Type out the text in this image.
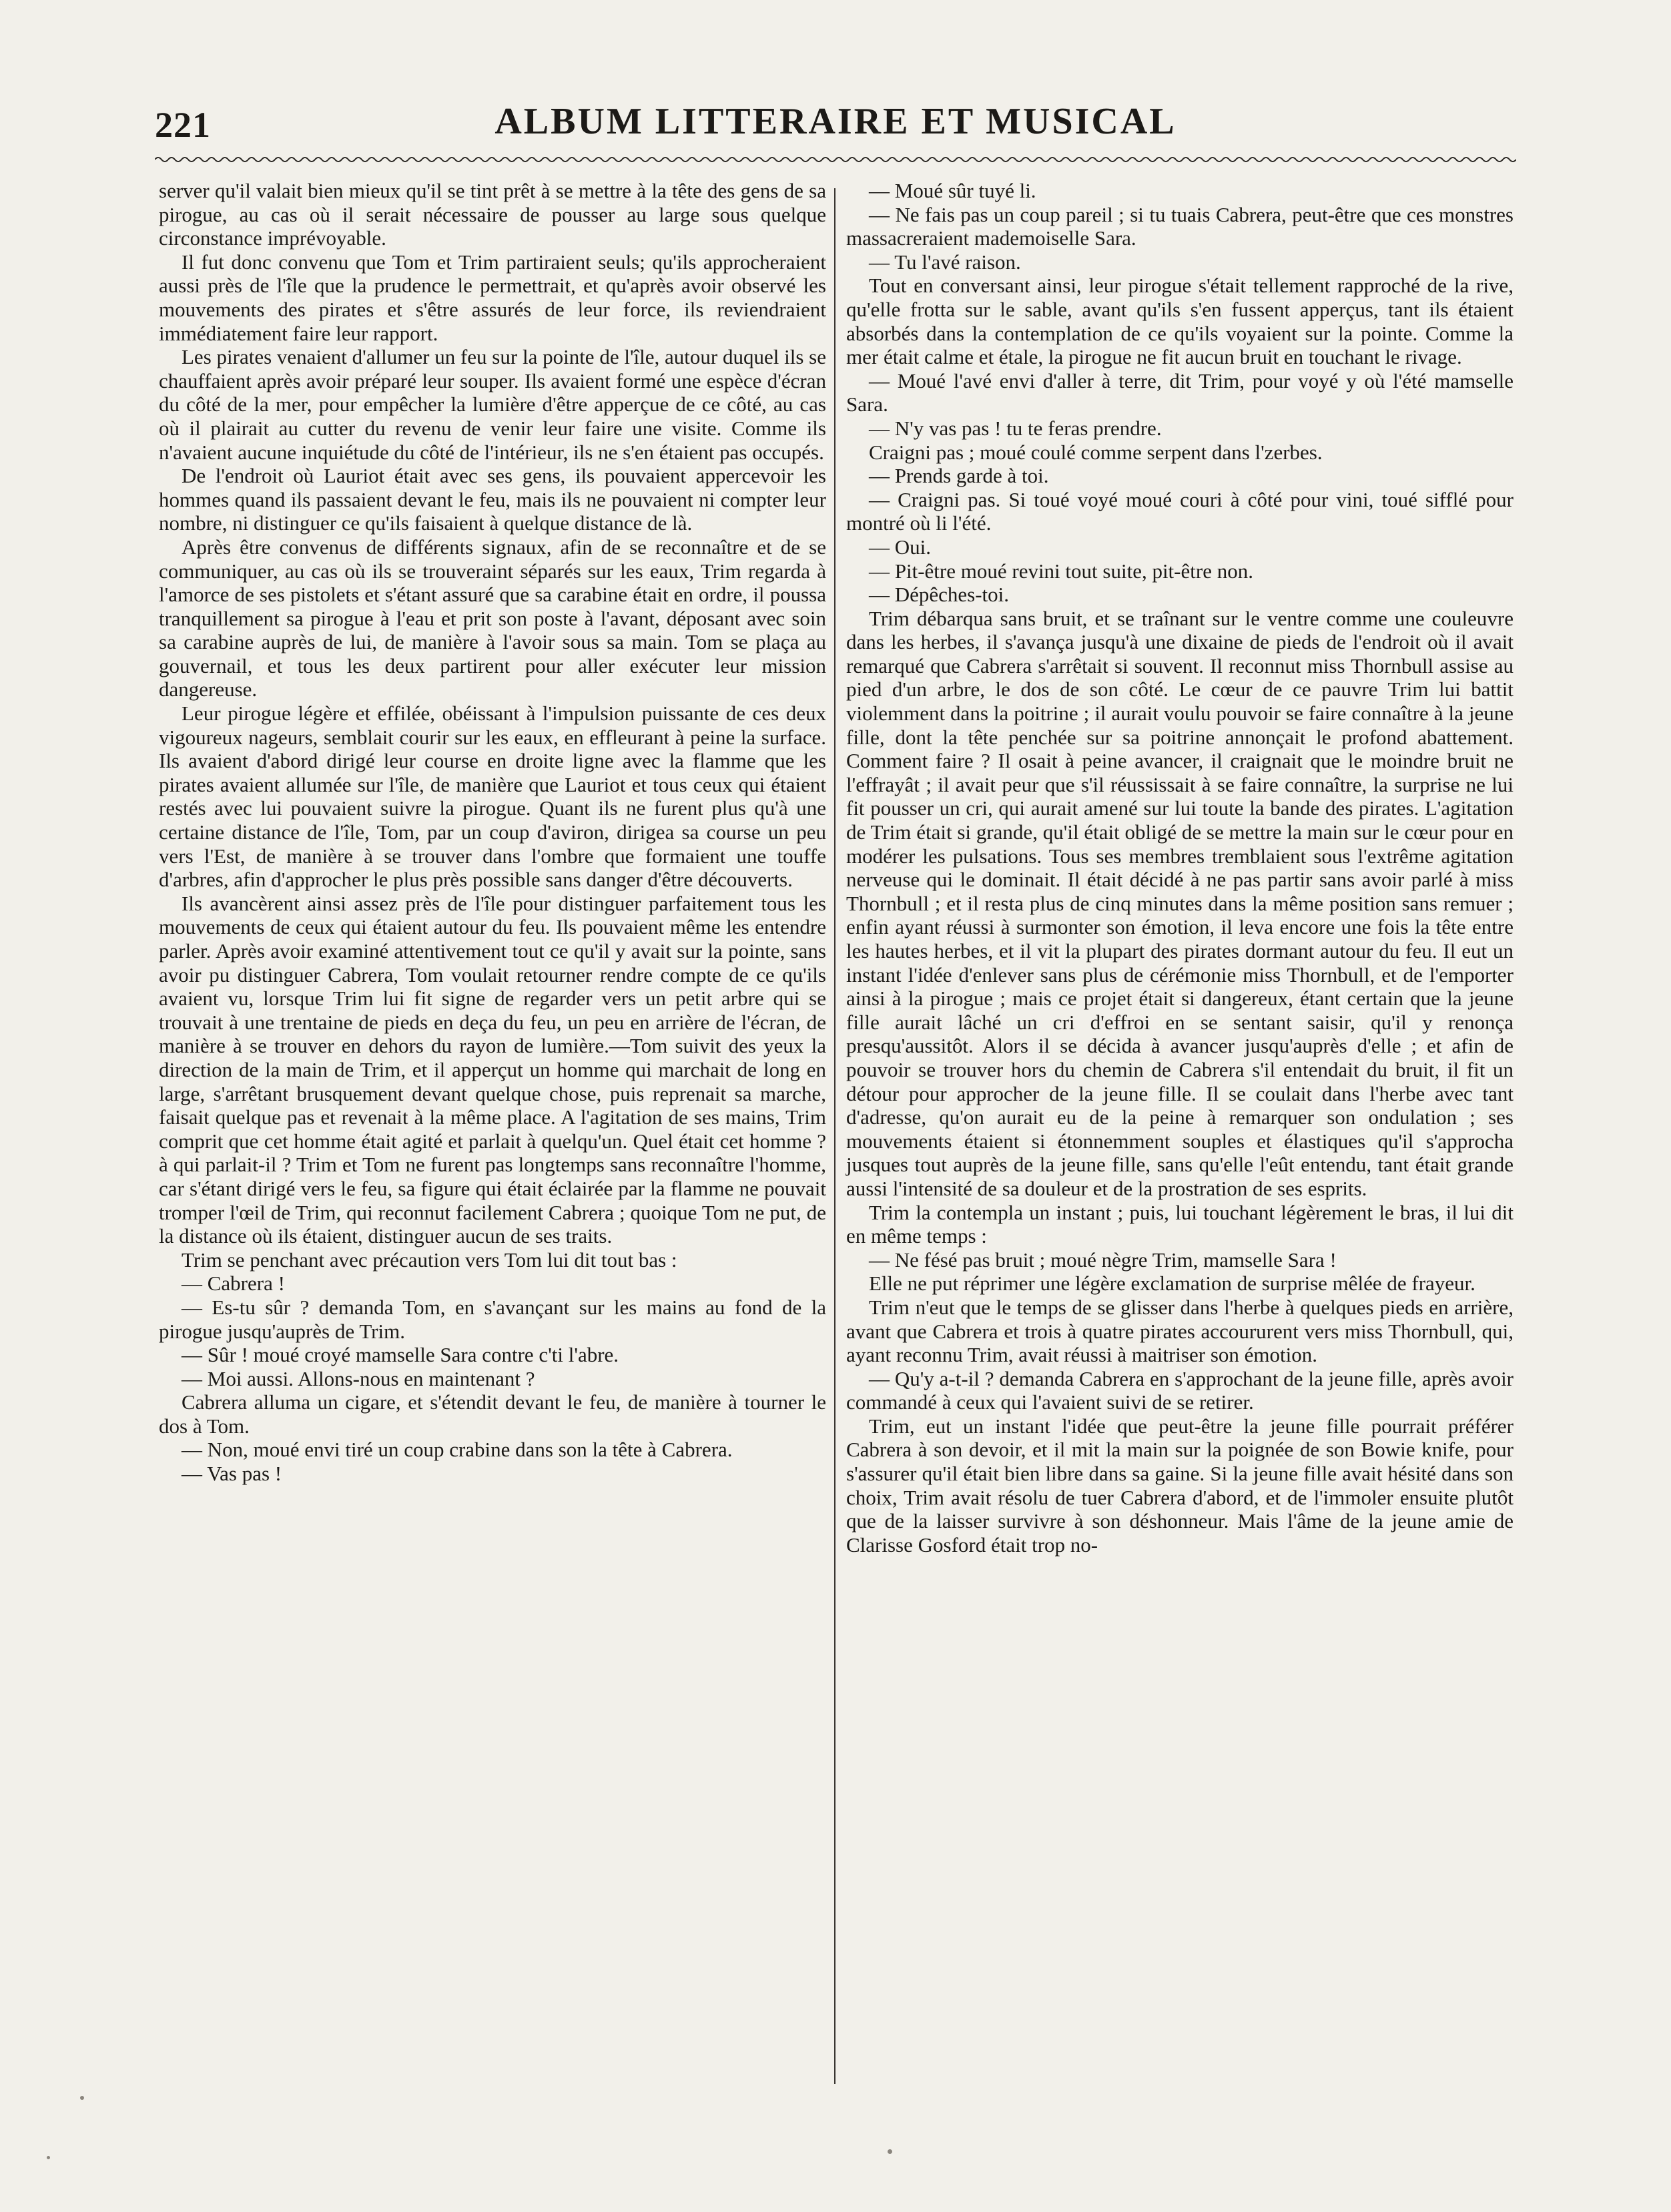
221	ALBUM LITTERAIRE ET MUSICAL

server qu'il valait bien mieux qu'il se tint prêt à se mettre à la tête des gens de sa pirogue, au cas où il serait nécessaire de pousser au large sous quelque circonstance imprévoyable.

Il fut donc convenu que Tom et Trim partiraient seuls; qu'ils approcheraient aussi près de l'île que la prudence le permettrait, et qu'après avoir observé les mouvements des pirates et s'être assurés de leur force, ils reviendraient immédiatement faire leur rapport.

Les pirates venaient d'allumer un feu sur la pointe de l'île, autour duquel ils se chauffaient après avoir préparé leur souper. Ils avaient formé une espèce d'écran du côté de la mer, pour empêcher la lumière d'être apperçue de ce côté, au cas où il plairait au cutter du revenu de venir leur faire une visite. Comme ils n'avaient aucune inquiétude du côté de l'intérieur, ils ne s'en étaient pas occupés.

De l'endroit où Lauriot était avec ses gens, ils pouvaient appercevoir les hommes quand ils passaient devant le feu, mais ils ne pouvaient ni compter leur nombre, ni distinguer ce qu'ils faisaient à quelque distance de là.

Après être convenus de différents signaux, afin de se reconnaître et de se communiquer, au cas où ils se trouveraint séparés sur les eaux, Trim regarda à l'amorce de ses pistolets et s'étant assuré que sa carabine était en ordre, il poussa tranquillement sa pirogue à l'eau et prit son poste à l'avant, déposant avec soin sa carabine auprès de lui, de manière à l'avoir sous sa main. Tom se plaça au gouvernail, et tous les deux partirent pour aller exécuter leur mission dangereuse.

Leur pirogue légère et effilée, obéissant à l'impulsion puissante de ces deux vigoureux nageurs, semblait courir sur les eaux, en effleurant à peine la surface. Ils avaient d'abord dirigé leur course en droite ligne avec la flamme que les pirates avaient allumée sur l'île, de manière que Lauriot et tous ceux qui étaient restés avec lui pouvaient suivre la pirogue. Quant ils ne furent plus qu'à une certaine distance de l'île, Tom, par un coup d'aviron, dirigea sa course un peu vers l'Est, de manière à se trouver dans l'ombre que formaient une touffe d'arbres, afin d'approcher le plus près possible sans danger d'être découverts.

Ils avancèrent ainsi assez près de l'île pour distinguer parfaitement tous les mouvements de ceux qui étaient autour du feu. Ils pouvaient même les entendre parler. Après avoir examiné attentivement tout ce qu'il y avait sur la pointe, sans avoir pu distinguer Cabrera, Tom voulait retourner rendre compte de ce qu'ils avaient vu, lorsque Trim lui fit signe de regarder vers un petit arbre qui se trouvait à une trentaine de pieds en deça du feu, un peu en arrière de l'écran, de manière à se trouver en dehors du rayon de lumière.—Tom suivit des yeux la direction de la main de Trim, et il apperçut un homme qui marchait de long en large, s'arrêtant brusquement devant quelque chose, puis reprenait sa marche, faisait quelque pas et revenait à la même place. A l'agitation de ses mains, Trim comprit que cet homme était agité et parlait à quelqu'un. Quel était cet homme ? à qui parlait-il ? Trim et Tom ne furent pas longtemps sans reconnaître l'homme, car s'étant dirigé vers le feu, sa figure qui était éclairée par la flamme ne pouvait tromper l'œil de Trim, qui reconnut facilement Cabrera ; quoique Tom ne put, de la distance où ils étaient, distinguer aucun de ses traits.

Trim se penchant avec précaution vers Tom lui dit tout bas :

— Cabrera !

— Es-tu sûr ? demanda Tom, en s'avançant sur les mains au fond de la pirogue jusqu'auprès de Trim.

— Sûr ! moué croyé mamselle Sara contre c'ti l'abre.

— Moi aussi. Allons-nous en maintenant ?

Cabrera alluma un cigare, et s'étendit devant le feu, de manière à tourner le dos à Tom.

— Non, moué envi tiré un coup crabine dans son la tête à Cabrera.

— Vas pas !

— Moué sûr tuyé li.

— Ne fais pas un coup pareil ; si tu tuais Cabrera, peut-être que ces monstres massacreraient mademoiselle Sara.

— Tu l'avé raison.

Tout en conversant ainsi, leur pirogue s'était tellement rapproché de la rive, qu'elle frotta sur le sable, avant qu'ils s'en fussent apperçus, tant ils étaient absorbés dans la contemplation de ce qu'ils voyaient sur la pointe. Comme la mer était calme et étale, la pirogue ne fit aucun bruit en touchant le rivage.

— Moué l'avé envi d'aller à terre, dit Trim, pour voyé y où l'été mamselle Sara.

— N'y vas pas ! tu te feras prendre.

Craigni pas ; moué coulé comme serpent dans l'zerbes.

— Prends garde à toi.

— Craigni pas. Si toué voyé moué couri à côté pour vini, toué sifflé pour montré où li l'été.

— Oui.

— Pit-être moué revini tout suite, pit-être non.

— Dépêches-toi.

Trim débarqua sans bruit, et se traînant sur le ventre comme une couleuvre dans les herbes, il s'avança jusqu'à une dixaine de pieds de l'endroit où il avait remarqué que Cabrera s'arrêtait si souvent. Il reconnut miss Thornbull assise au pied d'un arbre, le dos de son côté. Le cœur de ce pauvre Trim lui battit violemment dans la poitrine ; il aurait voulu pouvoir se faire connaître à la jeune fille, dont la tête penchée sur sa poitrine annonçait le profond abattement. Comment faire ? Il osait à peine avancer, il craignait que le moindre bruit ne l'effrayât ; il avait peur que s'il réussissait à se faire connaître, la surprise ne lui fit pousser un cri, qui aurait amené sur lui toute la bande des pirates. L'agitation de Trim était si grande, qu'il était obligé de se mettre la main sur le cœur pour en modérer les pulsations. Tous ses membres tremblaient sous l'extrême agitation nerveuse qui le dominait. Il était décidé à ne pas partir sans avoir parlé à miss Thornbull ; et il resta plus de cinq minutes dans la même position sans remuer ; enfin ayant réussi à surmonter son émotion, il leva encore une fois la tête entre les hautes herbes, et il vit la plupart des pirates dormant autour du feu. Il eut un instant l'idée d'enlever sans plus de cérémonie miss Thornbull, et de l'emporter ainsi à la pirogue ; mais ce projet était si dangereux, étant certain que la jeune fille aurait lâché un cri d'effroi en se sentant saisir, qu'il y renonça presqu'aussitôt. Alors il se décida à avancer jusqu'auprès d'elle ; et afin de pouvoir se trouver hors du chemin de Cabrera s'il entendait du bruit, il fit un détour pour approcher de la jeune fille. Il se coulait dans l'herbe avec tant d'adresse, qu'on aurait eu de la peine à remarquer son ondulation ; ses mouvements étaient si étonnemment souples et élastiques qu'il s'approcha jusques tout auprès de la jeune fille, sans qu'elle l'eût entendu, tant était grande aussi l'intensité de sa douleur et de la prostration de ses esprits.

Trim la contempla un instant ; puis, lui touchant légèrement le bras, il lui dit en même temps :

— Ne fésé pas bruit ; moué nègre Trim, mamselle Sara !

Elle ne put réprimer une légère exclamation de surprise mêlée de frayeur.

Trim n'eut que le temps de se glisser dans l'herbe à quelques pieds en arrière, avant que Cabrera et trois à quatre pirates accoururent vers miss Thornbull, qui, ayant reconnu Trim, avait réussi à maitriser son émotion.

— Qu'y a-t-il ? demanda Cabrera en s'approchant de la jeune fille, après avoir commandé à ceux qui l'avaient suivi de se retirer.

Trim, eut un instant l'idée que peut-être la jeune fille pourrait préférer Cabrera à son devoir, et il mit la main sur la poignée de son Bowie knife, pour s'assurer qu'il était bien libre dans sa gaine. Si la jeune fille avait hésité dans son choix, Trim avait résolu de tuer Cabrera d'abord, et de l'immoler ensuite plutôt que de la laisser survivre à son déshonneur. Mais l'âme de la jeune amie de Clarisse Gosford était trop no-
